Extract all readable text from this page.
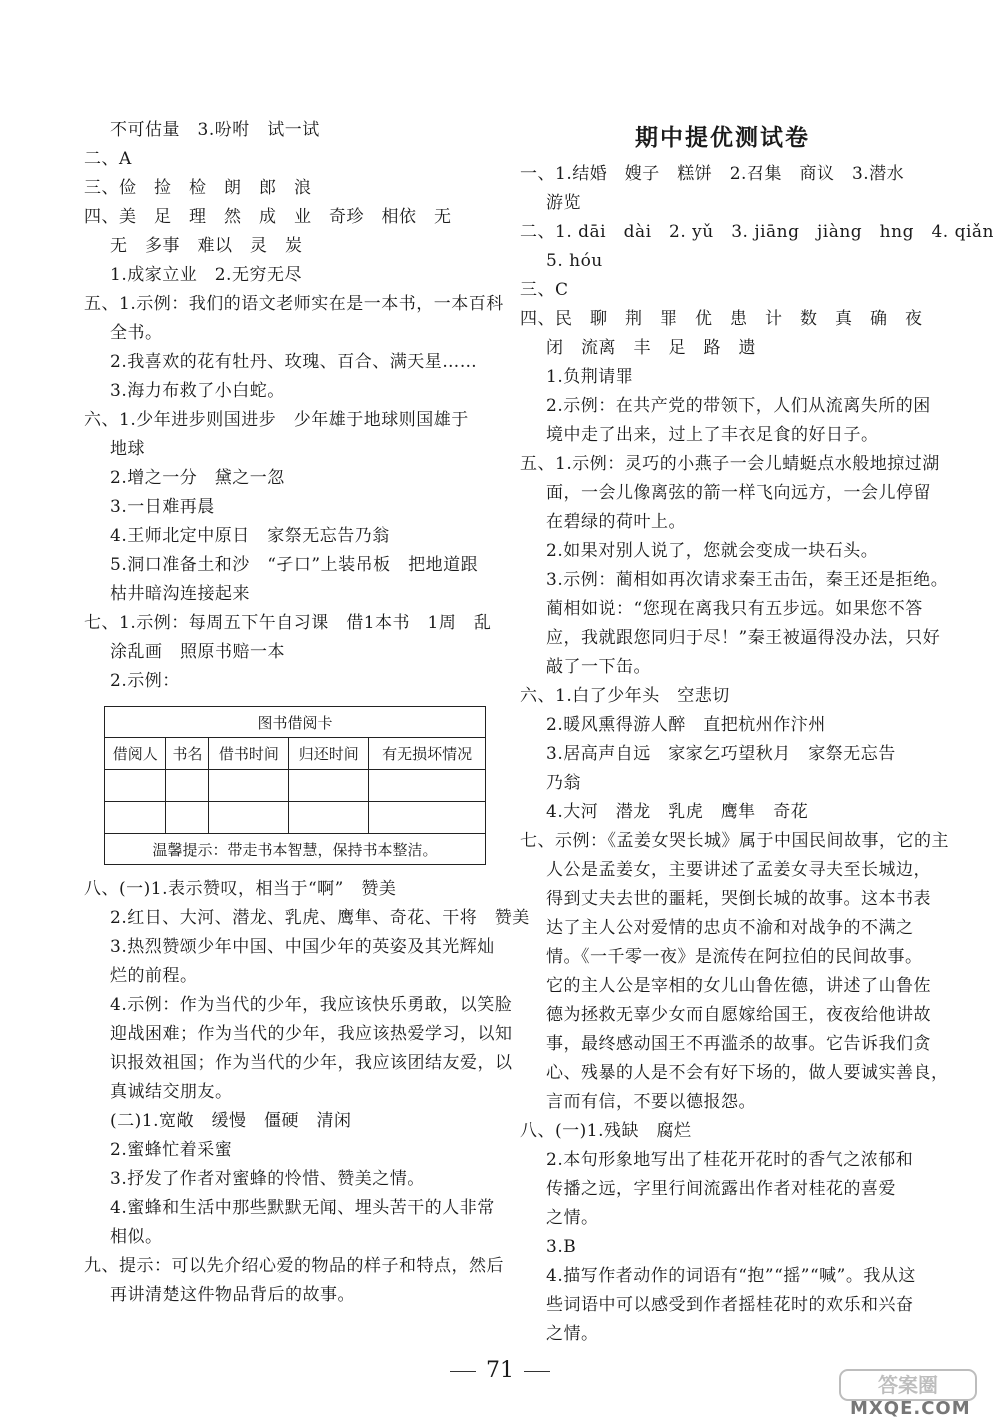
不可估量　3.吩咐　试一试
二、A
三、俭　捡　检　朗　郎　浪
四、美　足　理　然　成　业　奇珍　相依　无
无　多事　难以　灵　炭
1.成家立业　2.无穷无尽
五、1.示例：我们的语文老师实在是一本书，一本百科
全书。
2.我喜欢的花有牡丹、玫瑰、百合、满天星……
3.海力布救了小白蛇。
六、1.少年进步则国进步　少年雄于地球则国雄于
地球
2.增之一分　黛之一忽
3.一日难再晨
4.王师北定中原日　家祭无忘告乃翁
5.洞口准备土和沙　“孑口”上装吊板　把地道跟
枯井暗沟连接起来
七、1.示例：每周五下午自习课　借1本书　1周　乱
涂乱画　照原书赔一本
2.示例：
图书借阅卡				
借阅人	书名	借书时间	归还时间	有无损坏情况

温馨提示：带走书本智慧，保持书本整洁。				
八、(一)1.表示赞叹，相当于“啊”　赞美
2.红日、大河、潜龙、乳虎、鹰隼、奇花、干将　赞美
3.热烈赞颂少年中国、中国少年的英姿及其光辉灿
烂的前程。
4.示例：作为当代的少年，我应该快乐勇敢，以笑脸
迎战困难；作为当代的少年，我应该热爱学习，以知
识报效祖国；作为当代的少年，我应该团结友爱，以
真诚结交朋友。
(二)1.宽敞　缓慢　僵硬　清闲
2.蜜蜂忙着采蜜
3.抒发了作者对蜜蜂的怜惜、赞美之情。
4.蜜蜂和生活中那些默默无闻、埋头苦干的人非常
相似。
九、提示：可以先介绍心爱的物品的样子和特点，然后
再讲清楚这件物品背后的故事。
期中提优测试卷
一、1.结婚　嫂子　糕饼　2.召集　商议　3.潜水
游览
二、1. dāi　dài　2. yǔ　3. jiāng　jiàng　hng　4. qiǎn
5. hóu
三、C
四、民　聊　荆　罪　优　患　计　数　真　确　夜
闭　流离　丰　足　路　遗
1.负荆请罪
2.示例：在共产党的带领下，人们从流离失所的困
境中走了出来，过上了丰衣足食的好日子。
五、1.示例：灵巧的小燕子一会儿蜻蜓点水般地掠过湖
面，一会儿像离弦的箭一样飞向远方，一会儿停留
在碧绿的荷叶上。
2.如果对别人说了，您就会变成一块石头。
3.示例：蔺相如再次请求秦王击缶，秦王还是拒绝。
蔺相如说：“您现在离我只有五步远。如果您不答
应，我就跟您同归于尽！”秦王被逼得没办法，只好
敲了一下缶。
六、1.白了少年头　空悲切
2.暖风熏得游人醉　直把杭州作汴州
3.居高声自远　家家乞巧望秋月　家祭无忘告
乃翁
4.大河　潜龙　乳虎　鹰隼　奇花
七、示例：《孟姜女哭长城》属于中国民间故事，它的主
人公是孟姜女，主要讲述了孟姜女寻夫至长城边，
得到丈夫去世的噩耗，哭倒长城的故事。这本书表
达了主人公对爱情的忠贞不渝和对战争的不满之
情。《一千零一夜》是流传在阿拉伯的民间故事。
它的主人公是宰相的女儿山鲁佐德，讲述了山鲁佐
德为拯救无辜少女而自愿嫁给国王，夜夜给他讲故
事，最终感动国王不再滥杀的故事。它告诉我们贪
心、残暴的人是不会有好下场的，做人要诚实善良，
言而有信，不要以德报怨。
八、(一)1.残缺　腐烂
2.本句形象地写出了桂花开花时的香气之浓郁和
传播之远，字里行间流露出作者对桂花的喜爱
之情。
3.B
4.描写作者动作的词语有“抱”“摇”“喊”。我从这
些词语中可以感受到作者摇桂花时的欢乐和兴奋
之情。
71
答案圈
MXQE.COM
